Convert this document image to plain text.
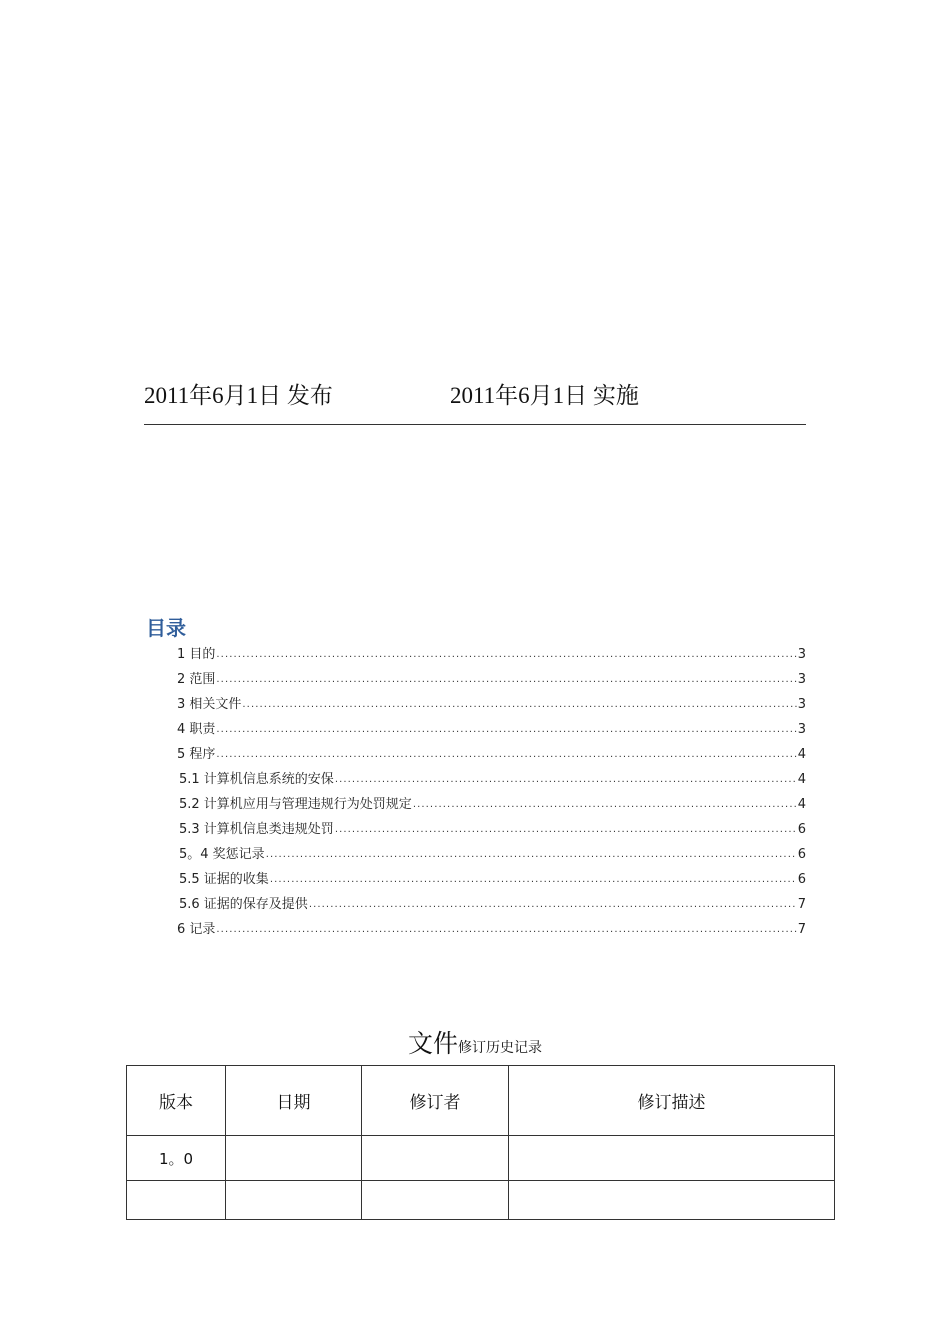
2011年6月1日 发布	2011年6月1日 实施
目录
1 目的 .....	3
2 范围 .....	3
3 相关文件 .....	3
4 职责 .....	3
5 程序 .....	4
5.1 计算机信息系统的安保 .....	4
5.2 计算机应用与管理违规行为处罚规定 .....	4
5.3 计算机信息类违规处罚 .....	6
5。4 奖惩记录 .....	6
5.5 证据的收集 .....	6
5.6 证据的保存及提供 .....	7
6 记录 .....	7
文件修订历史记录
版本	日期	修订者	修订描述
1。0			
